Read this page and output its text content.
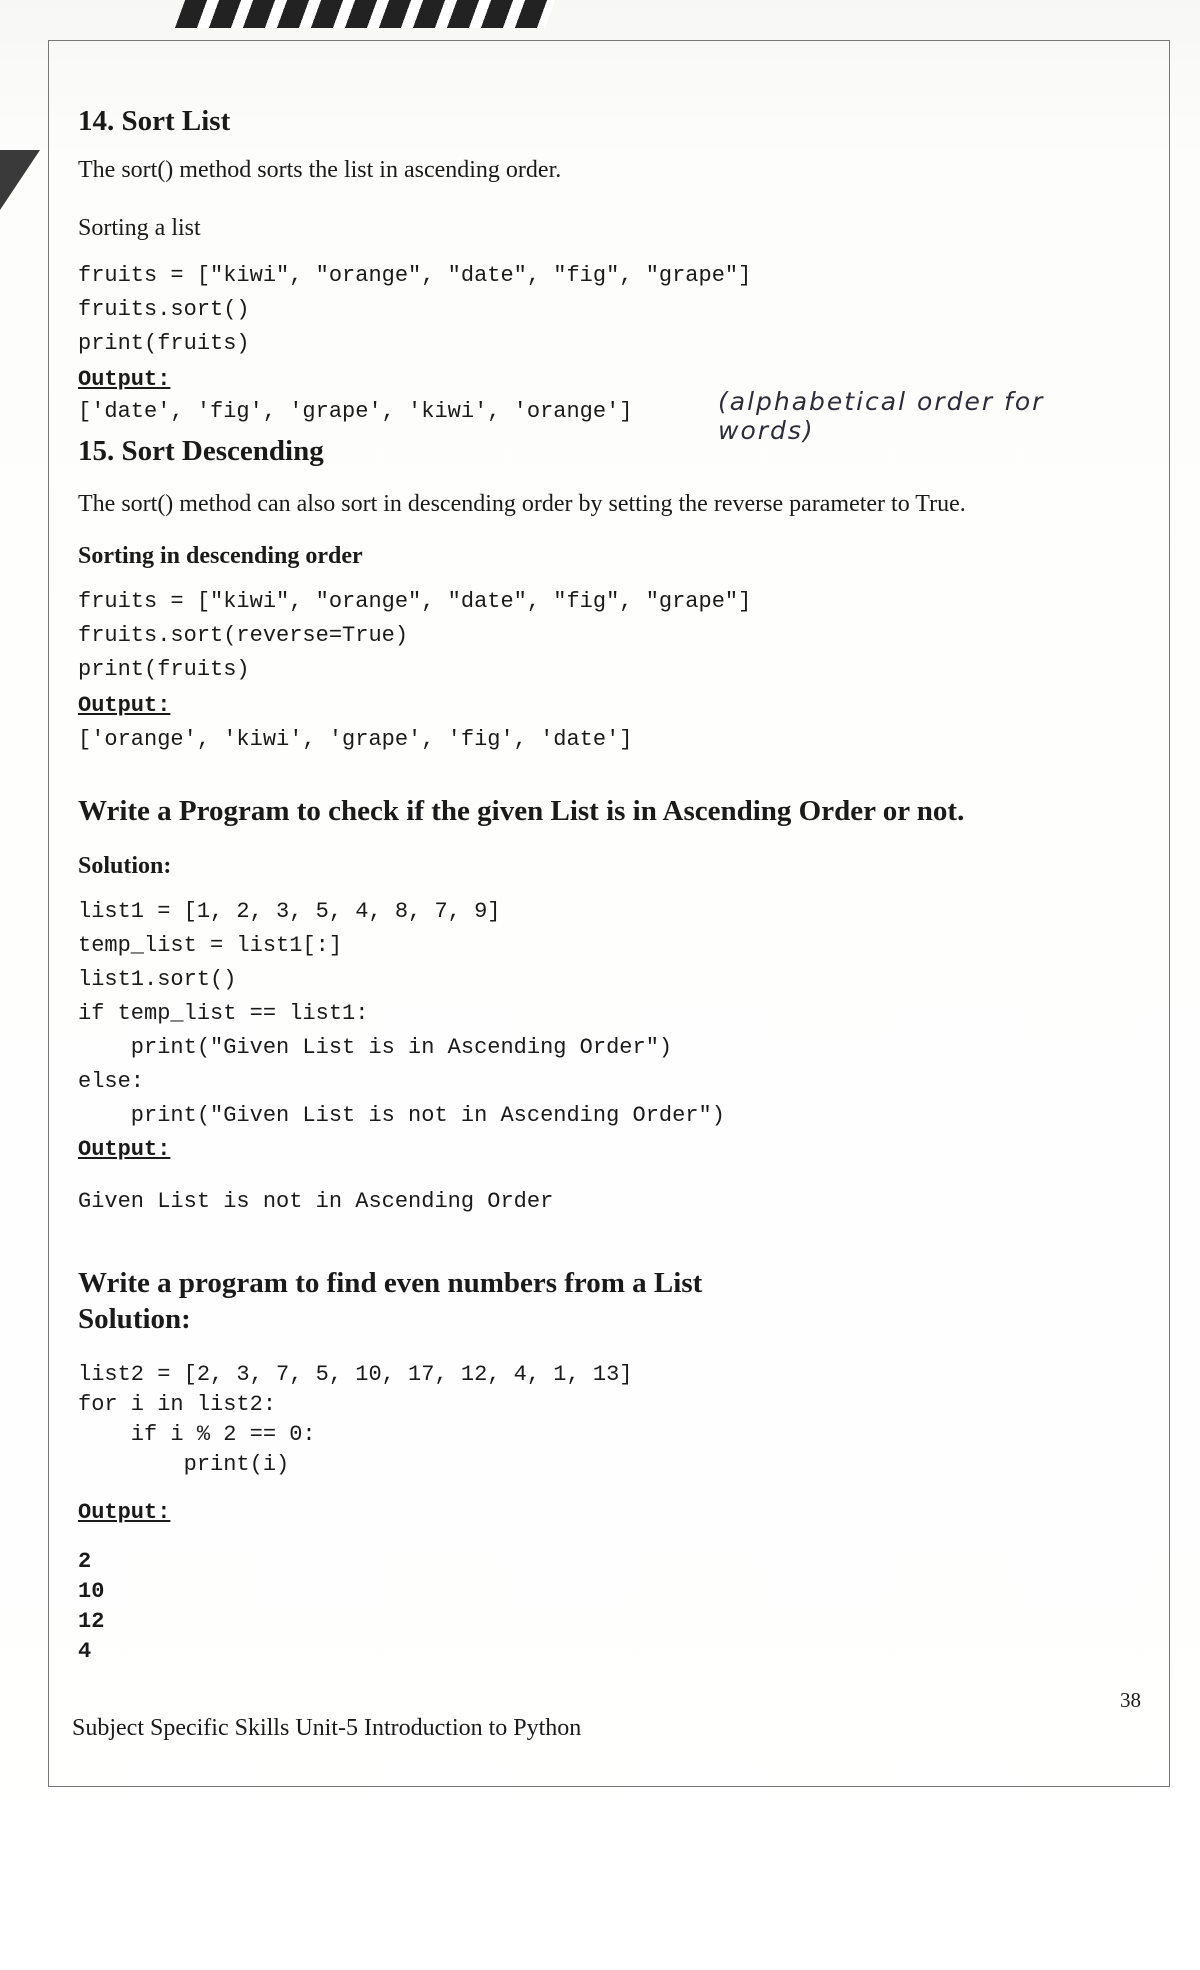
14. Sort List

The sort() method sorts the list in ascending order.

Sorting a list

fruits = ["kiwi", "orange", "date", "fig", "grape"]
fruits.sort()
print(fruits)

Output:

['date', 'fig', 'grape', 'kiwi', 'orange']	(alphabetical order for words)
15. Sort Descending

The sort() method can also sort in descending order by setting the reverse parameter to True.

Sorting in descending order

fruits = ["kiwi", "orange", "date", "fig", "grape"]
fruits.sort(reverse=True)
print(fruits)

Output:

['orange', 'kiwi', 'grape', 'fig', 'date']
Write a Program to check if the given List is in Ascending Order or not.

Solution:

list1 = [1, 2, 3, 5, 4, 8, 7, 9]
temp_list = list1[:]
list1.sort()
if temp_list == list1:
print("Given List is in Ascending Order")
else:
print("Given List is not in Ascending Order")

Output:

Given List is not in Ascending Order
Write a program to find even numbers from a List

Solution:

list2 = [2, 3, 7, 5, 10, 17, 12, 4, 1, 13]
for i in list2:
if i % 2 == 0:
print(i)

Output:

2
10
12
4
Subject Specific Skills Unit-5 Introduction to Python
38
